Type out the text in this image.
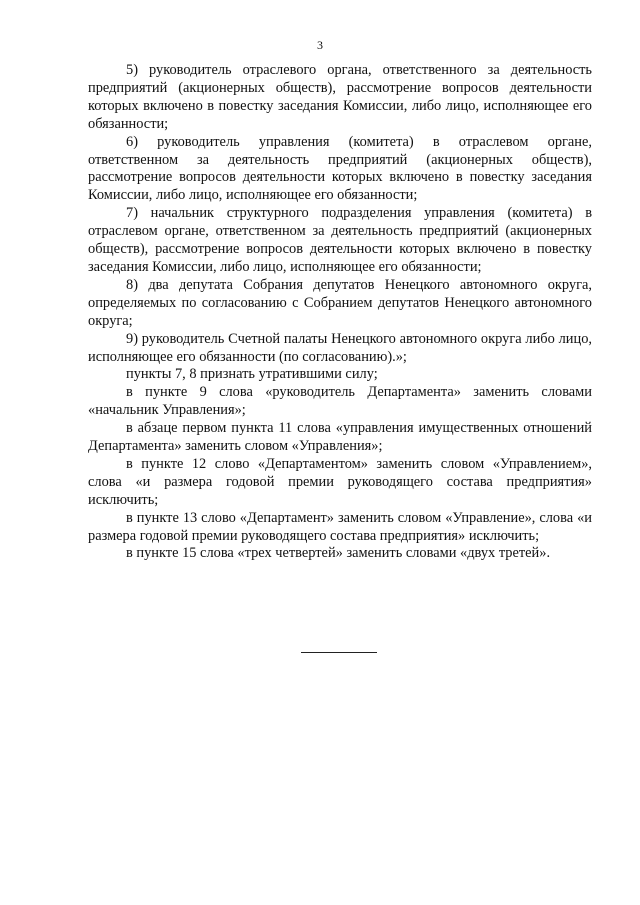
3

5) руководитель отраслевого органа, ответственного за деятельность предприятий (акционерных обществ), рассмотрение вопросов деятельности которых включено в повестку заседания Комиссии, либо лицо, исполняющее его обязанности;

6) руководитель управления (комитета) в отраслевом органе, ответственном за деятельность предприятий (акционерных обществ), рассмотрение вопросов деятельности которых включено в повестку заседания Комиссии, либо лицо, исполняющее его обязанности;

7) начальник структурного подразделения управления (комитета) в отраслевом органе, ответственном за деятельность предприятий (акционерных обществ), рассмотрение вопросов деятельности которых включено в повестку заседания Комиссии, либо лицо, исполняющее его обязанности;

8) два депутата Собрания депутатов Ненецкого автономного округа, определяемых по согласованию с Собранием депутатов Ненецкого автономного округа;

9) руководитель Счетной палаты Ненецкого автономного округа либо лицо, исполняющее его обязанности (по согласованию).»;

пункты 7, 8 признать утратившими силу;

в пункте 9 слова «руководитель Департамента» заменить словами «начальник Управления»;

в абзаце первом пункта 11 слова «управления имущественных отношений Департамента» заменить словом «Управления»;

в пункте 12 слово «Департаментом» заменить словом «Управлением», слова «и размера годовой премии руководящего состава предприятия» исключить;

в пункте 13 слово «Департамент» заменить словом «Управление», слова «и размера годовой премии руководящего состава предприятия» исключить;

в пункте 15 слова «трех четвертей» заменить словами «двух третей».
